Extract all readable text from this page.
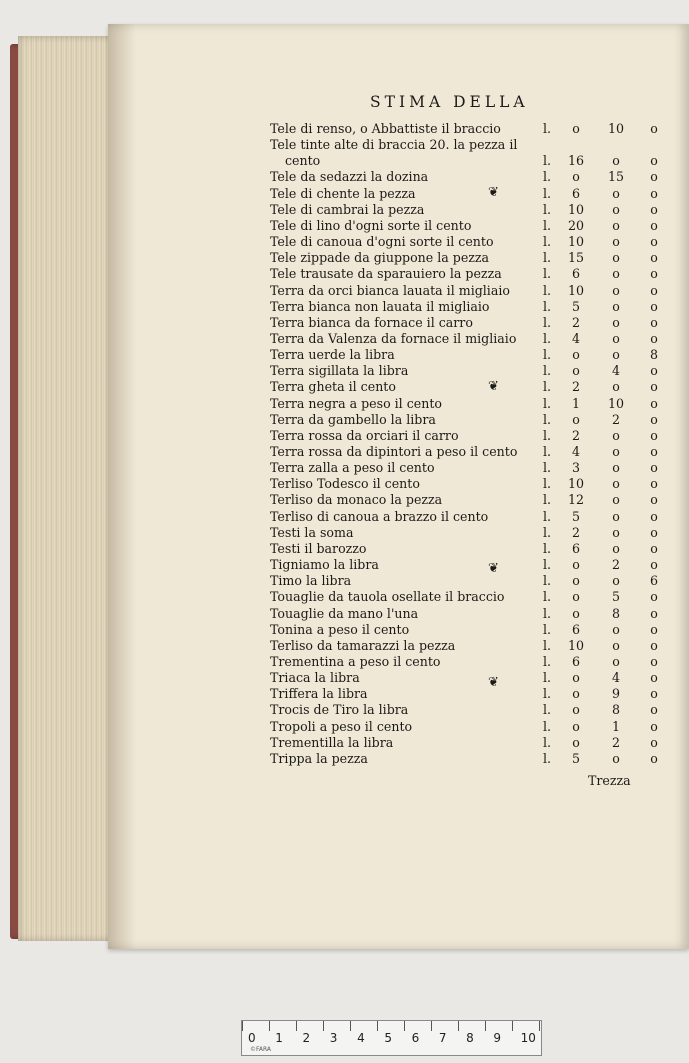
STIMA DELLA
Tele di renso, o Abbattiste il braccio	l.	o	10	o
Tele tinte alte di braccia 20. la pezza il
cento	l.	16	o	o
Tele da sedazzi la dozina	l.	o	15	o
Tele di chente la pezza	l.	6	o	o
Tele di cambrai la pezza	l.	10	o	o
Tele di lino d'ogni sorte il cento	l.	20	o	o
Tele di canoua d'ogni sorte il cento	l.	10	o	o
Tele zippade da giuppone la pezza	l.	15	o	o
Tele trausate da sparauiero la pezza	l.	6	o	o
Terra da orci bianca lauata il migliaio	l.	10	o	o
Terra bianca non lauata il migliaio	l.	5	o	o
Terra bianca da fornace il carro	l.	2	o	o
Terra da Valenza da fornace il migliaio l.	4	o	o
Terra uerde la libra	l.	o	o	8
Terra sigillata la libra	l.	o	4	o
Terra gheta il cento	l.	2	o	o
Terra negra a peso il cento	l.	1	10	o
Terra da gambello la libra	l.	o	2	o
Terra rossa da orciari il carro	l.	2	o	o
Terra rossa da dipintori a peso il cento l.	4	o	o
Terra zalla a peso il cento	l.	3	o	o
Terliso Todesco il cento	l.	10	o	o
Terliso da monaco la pezza	l.	12	o	o
Terliso di canoua a brazzo il cento	l.	5	o	o
Testi la soma	l.	2	o	o
Testi il barozzo	l.	6	o	o
Tigniamo la libra	l.	o	2	o
Timo la libra	l.	o	o	6
Touaglie da tauola osellate il braccio	l.	o	5	o
Touaglie da mano l'una	l.	o	8	o
Tonina a peso il cento	l.	6	o	o
Terliso da tamarazzi la pezza	l.	10	o	o
Trementina a peso il cento	l.	6	o	o
Triaca la libra	l.	o	4	o
Triffera la libra	l.	o	9	o
Trocis de Tiro la libra	l.	o	8	o
Tropoli a peso il cento	l.	o	1	o
Trementilla la libra	l.	o	2	o
Trippa la pezza	l.	5	o	o
❦
❦
❦
❦
Trezza
0 1 2 3 4 5 6 7 8 9 10
©FARA
